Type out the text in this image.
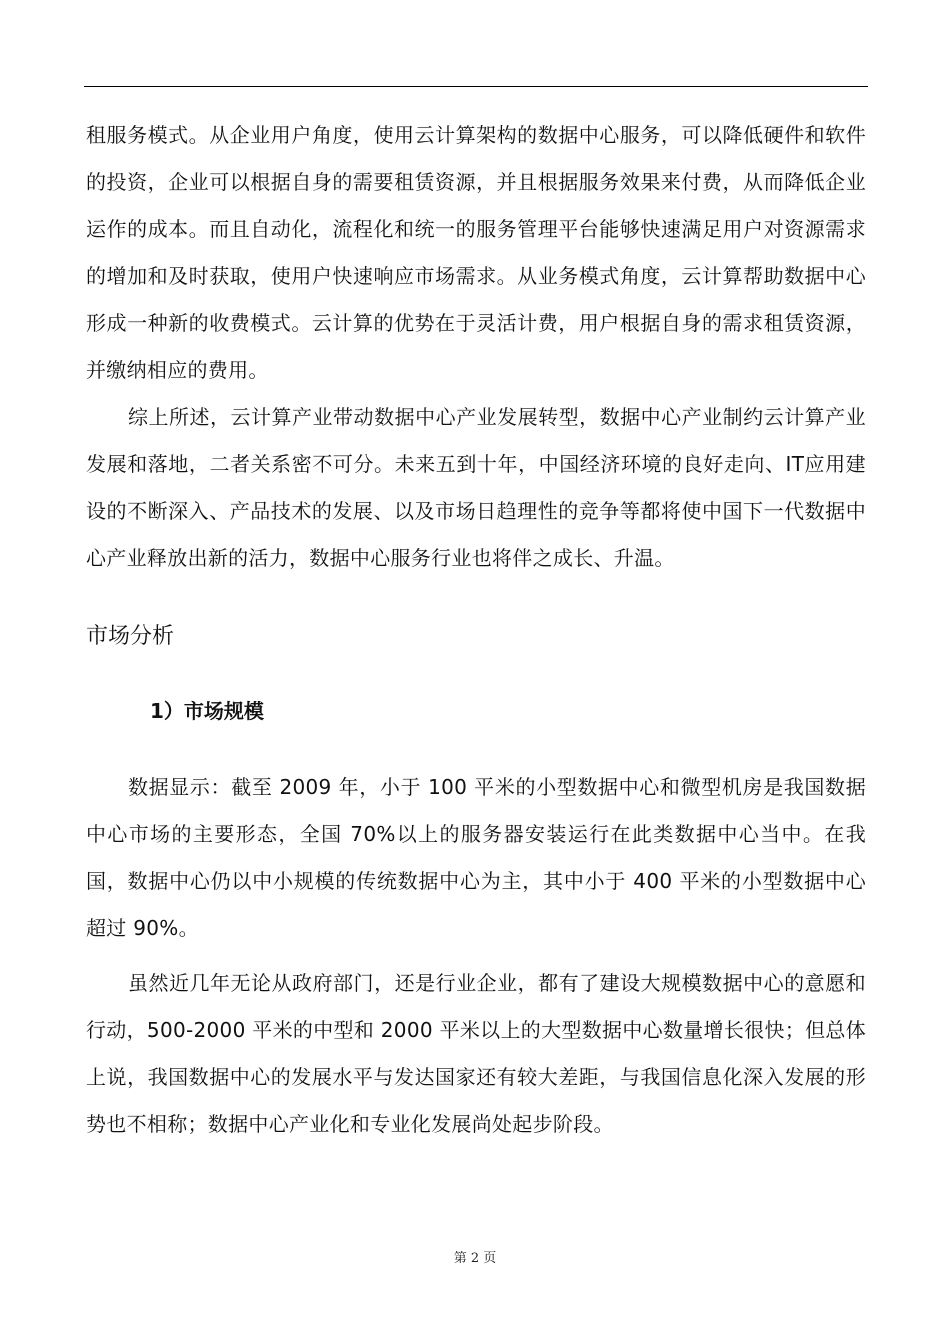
租服务模式。从企业用户角度，使用云计算架构的数据中心服务，可以降低硬件和软件的投资，企业可以根据自身的需要租赁资源，并且根据服务效果来付费，从而降低企业运作的成本。而且自动化，流程化和统一的服务管理平台能够快速满足用户对资源需求的增加和及时获取，使用户快速响应市场需求。从业务模式角度，云计算帮助数据中心形成一种新的收费模式。云计算的优势在于灵活计费，用户根据自身的需求租赁资源，并缴纳相应的费用。

综上所述，云计算产业带动数据中心产业发展转型，数据中心产业制约云计算产业发展和落地，二者关系密不可分。未来五到十年，中国经济环境的良好走向、IT应用建设的不断深入、产品技术的发展、以及市场日趋理性的竞争等都将使中国下一代数据中心产业释放出新的活力，数据中心服务行业也将伴之成长、升温。

市场分析
1）市场规模

数据显示：截至 2009 年，小于 100 平米的小型数据中心和微型机房是我国数据中心市场的主要形态，全国 70%以上的服务器安装运行在此类数据中心当中。在我国，数据中心仍以中小规模的传统数据中心为主，其中小于 400 平米的小型数据中心超过 90%。

虽然近几年无论从政府部门，还是行业企业，都有了建设大规模数据中心的意愿和行动，500-2000 平米的中型和 2000 平米以上的大型数据中心数量增长很快；但总体上说，我国数据中心的发展水平与发达国家还有较大差距，与我国信息化深入发展的形势也不相称；数据中心产业化和专业化发展尚处起步阶段。

第 2 页
